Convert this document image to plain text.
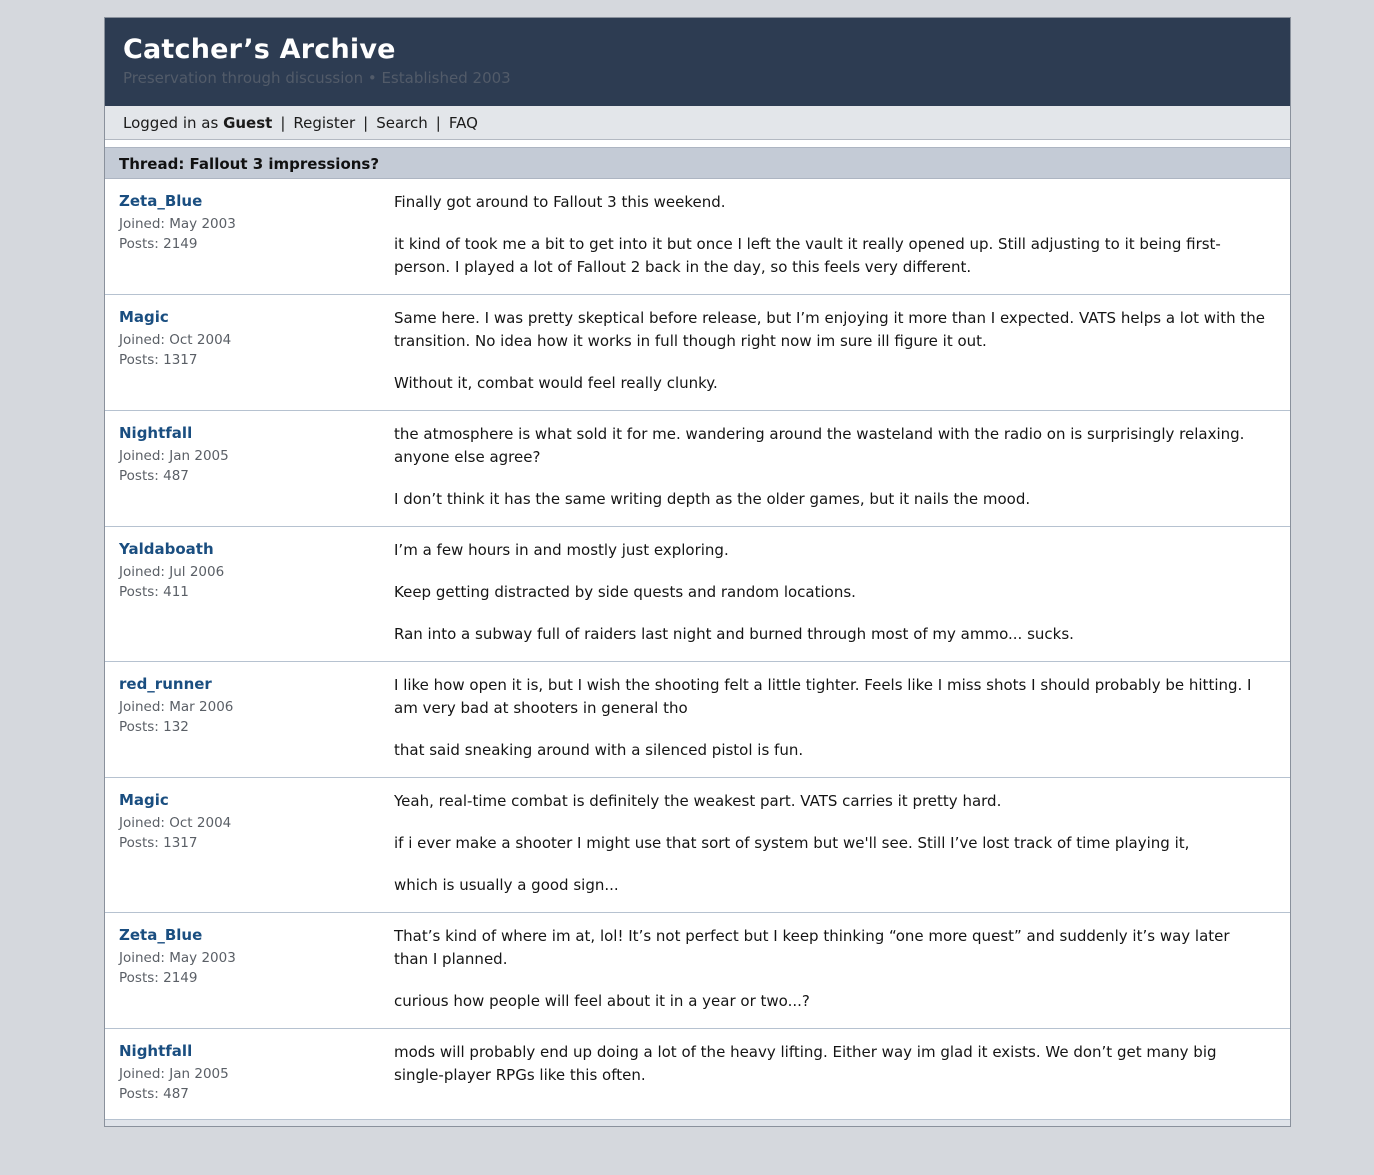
Catcher’s Archive
Preservation through discussion • Established 2003
Logged in as Guest | Register | Search | FAQ
Thread: Fallout 3 impressions?
Zeta_Blue
Joined: May 2003
Posts: 2149

Finally got around to Fallout 3 this weekend.

it kind of took me a bit to get into it but once I left the vault it really opened up. Still adjusting to it being first-person. I played a lot of Fallout 2 back in the day, so this feels very different.

Magic
Joined: Oct 2004
Posts: 1317

Same here. I was pretty skeptical before release, but I’m enjoying it more than I expected. VATS helps a lot with the transition. No idea how it works in full though right now im sure ill figure it out.

Without it, combat would feel really clunky.

Nightfall
Joined: Jan 2005
Posts: 487

the atmosphere is what sold it for me. wandering around the wasteland with the radio on is surprisingly relaxing. anyone else agree?

I don’t think it has the same writing depth as the older games, but it nails the mood.

Yaldaboath
Joined: Jul 2006
Posts: 411

I’m a few hours in and mostly just exploring.

Keep getting distracted by side quests and random locations.

Ran into a subway full of raiders last night and burned through most of my ammo... sucks.

red_runner
Joined: Mar 2006
Posts: 132

I like how open it is, but I wish the shooting felt a little tighter. Feels like I miss shots I should probably be hitting. I am very bad at shooters in general tho

that said sneaking around with a silenced pistol is fun.

Magic
Joined: Oct 2004
Posts: 1317

Yeah, real-time combat is definitely the weakest part. VATS carries it pretty hard.

if i ever make a shooter I might use that sort of system but we'll see. Still I’ve lost track of time playing it,

which is usually a good sign...

Zeta_Blue
Joined: May 2003
Posts: 2149

That’s kind of where im at, lol! It’s not perfect but I keep thinking “one more quest” and suddenly it’s way later than I planned.

curious how people will feel about it in a year or two...?

Nightfall
Joined: Jan 2005
Posts: 487

mods will probably end up doing a lot of the heavy lifting. Either way im glad it exists. We don’t get many big single-player RPGs like this often.
